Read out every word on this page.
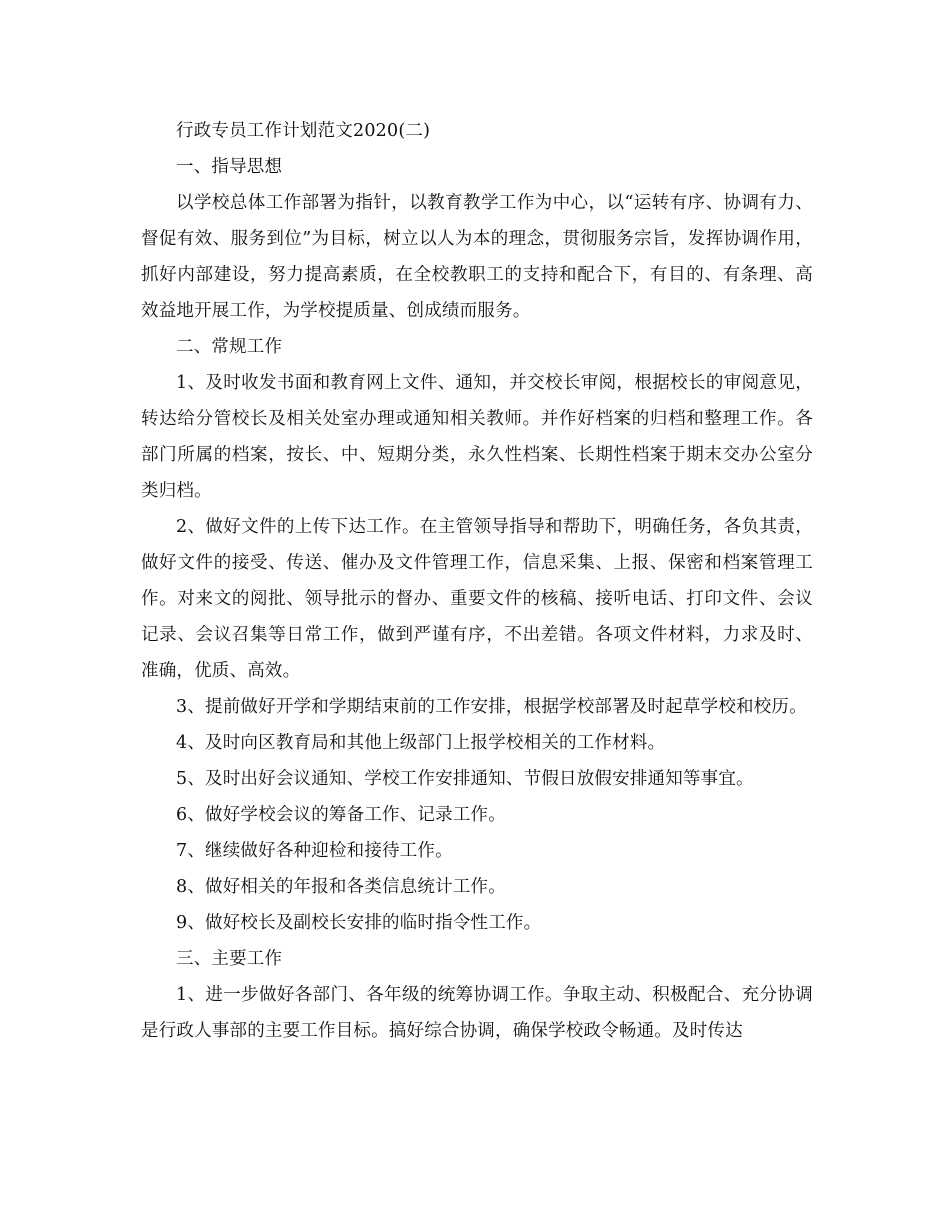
行政专员工作计划范文2020(二)

一、指导思想

以学校总体工作部署为指针，以教育教学工作为中心，以“运转有序、协调有力、督促有效、服务到位”为目标，树立以人为本的理念，贯彻服务宗旨，发挥协调作用，抓好内部建设，努力提高素质，在全校教职工的支持和配合下，有目的、有条理、高效益地开展工作，为学校提质量、创成绩而服务。

二、常规工作

1、及时收发书面和教育网上文件、通知，并交校长审阅，根据校长的审阅意见，转达给分管校长及相关处室办理或通知相关教师。并作好档案的归档和整理工作。各部门所属的档案，按长、中、短期分类，永久性档案、长期性档案于期末交办公室分类归档。

2、做好文件的上传下达工作。在主管领导指导和帮助下，明确任务，各负其责，做好文件的接受、传送、催办及文件管理工作，信息采集、上报、保密和档案管理工作。对来文的阅批、领导批示的督办、重要文件的核稿、接听电话、打印文件、会议记录、会议召集等日常工作，做到严谨有序，不出差错。各项文件材料，力求及时、准确，优质、高效。

3、提前做好开学和学期结束前的工作安排，根据学校部署及时起草学校和校历。

4、及时向区教育局和其他上级部门上报学校相关的工作材料。

5、及时出好会议通知、学校工作安排通知、节假日放假安排通知等事宜。

6、做好学校会议的筹备工作、记录工作。

7、继续做好各种迎检和接待工作。

8、做好相关的年报和各类信息统计工作。

9、做好校长及副校长安排的临时指令性工作。

三、主要工作

1、进一步做好各部门、各年级的统筹协调工作。争取主动、积极配合、充分协调是行政人事部的主要工作目标。搞好综合协调，确保学校政令畅通。及时传达
